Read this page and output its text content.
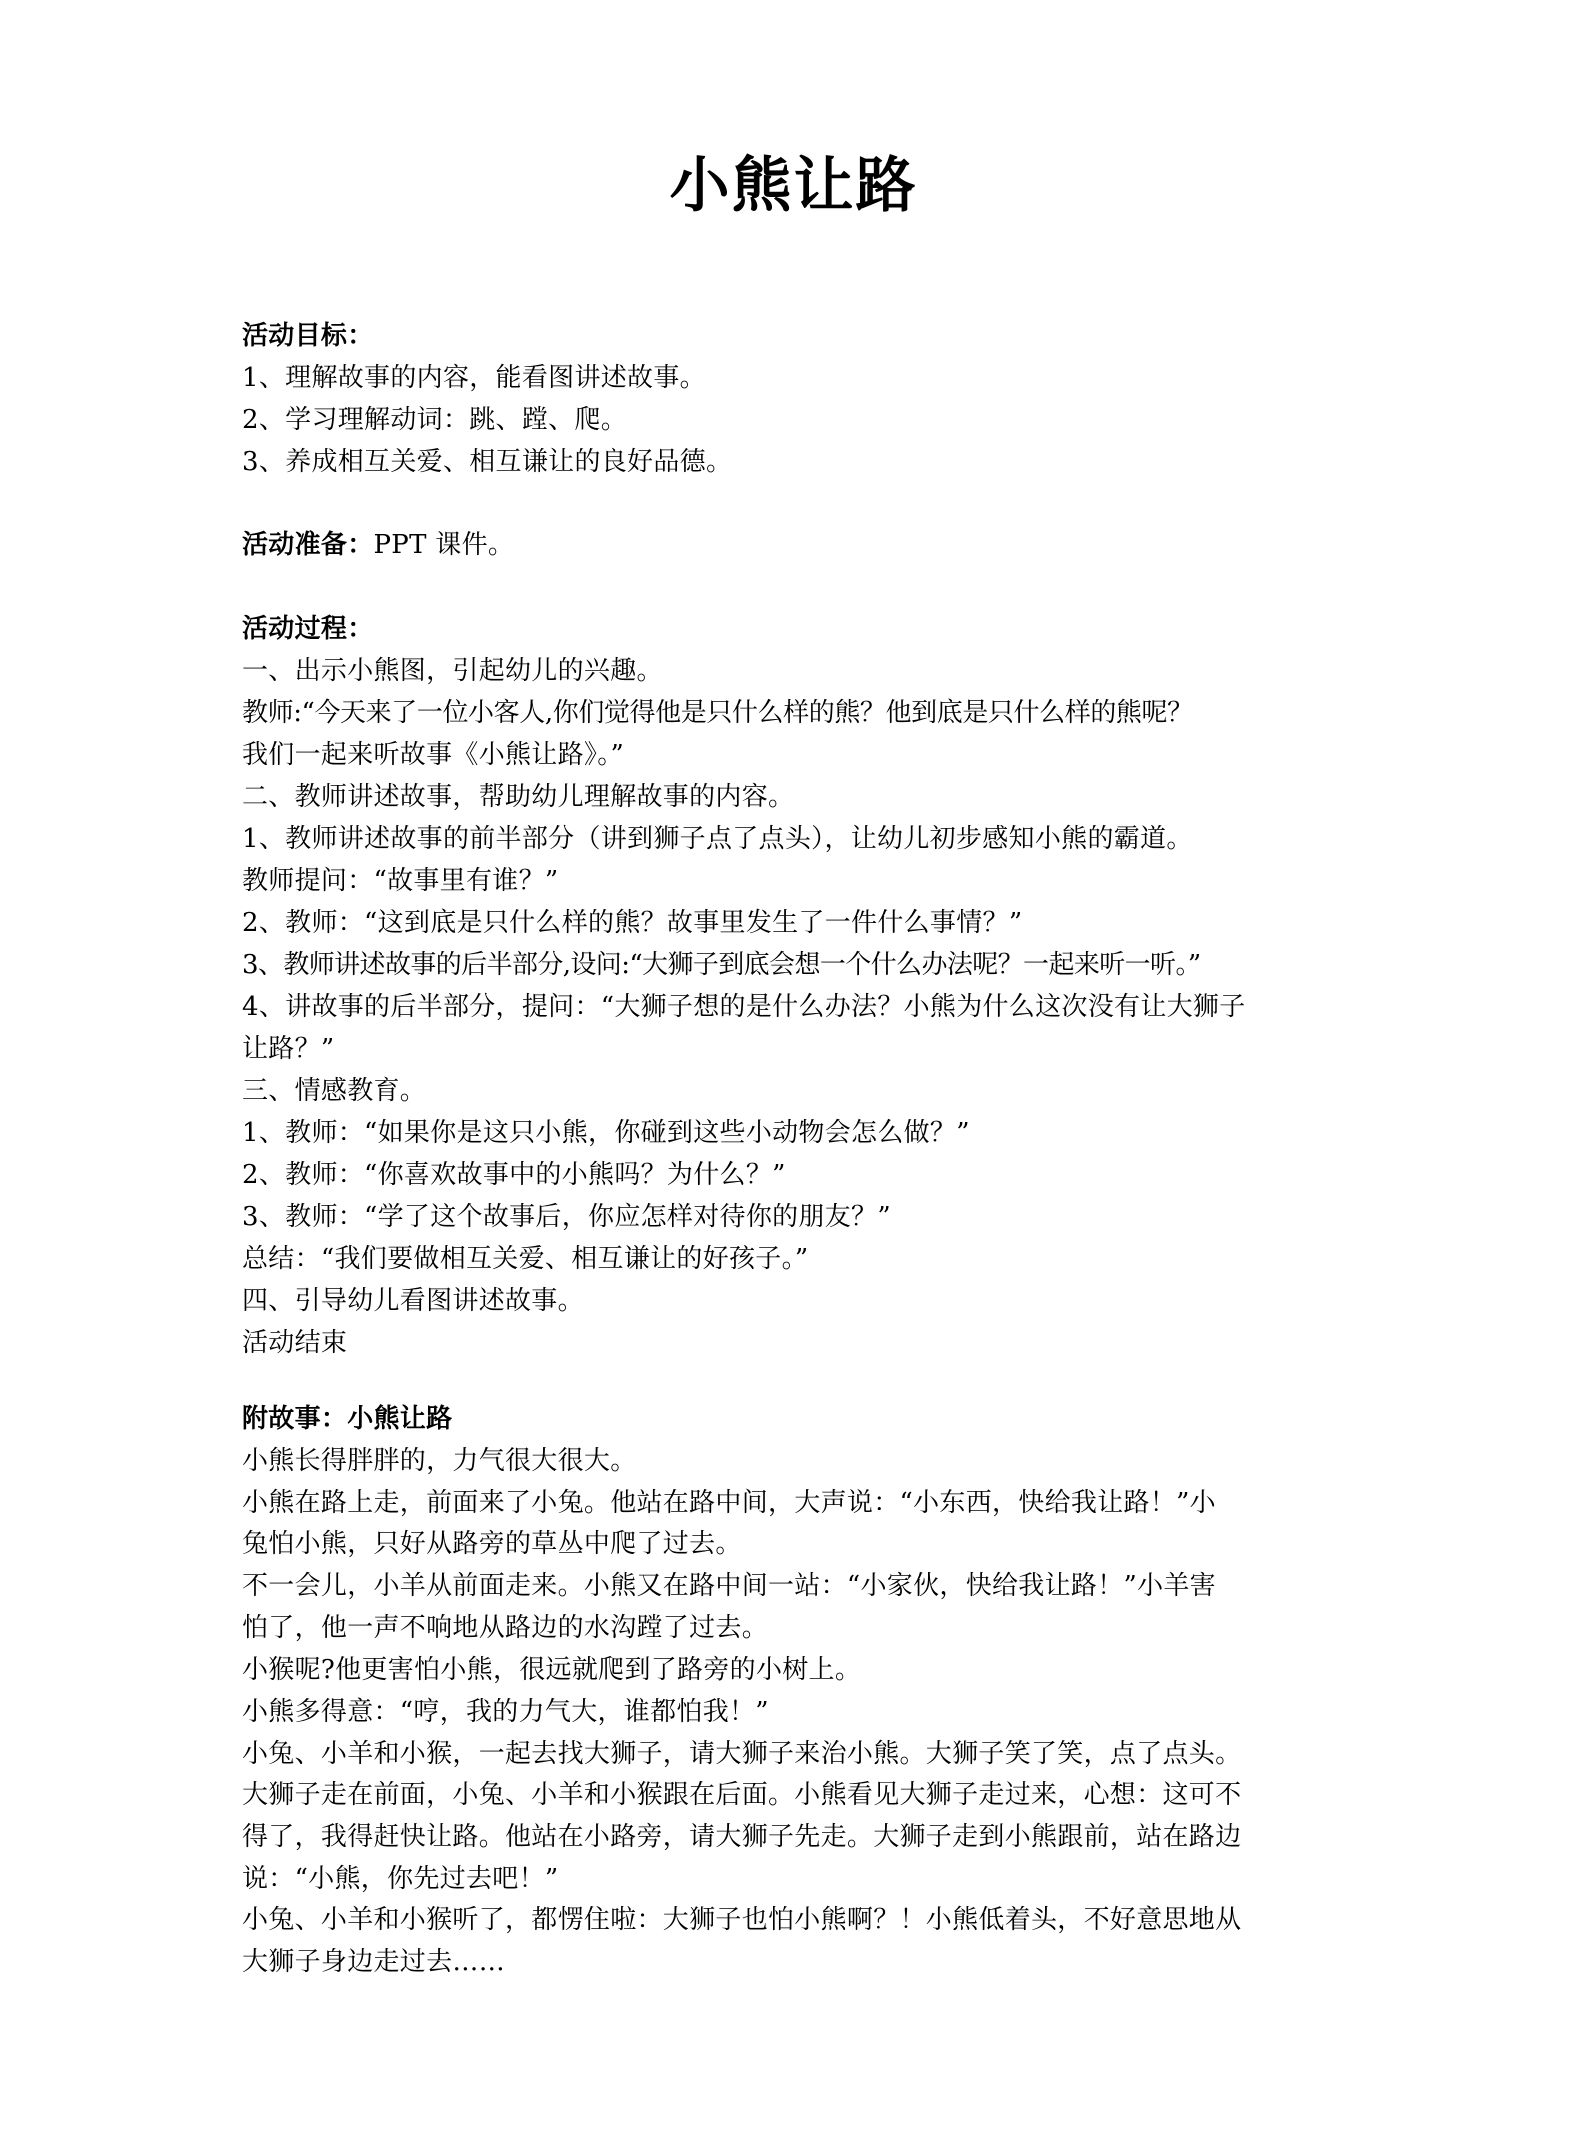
小熊让路
活动目标：
1、理解故事的内容，能看图讲述故事。
2、学习理解动词：跳、蹚、爬。
3、养成相互关爱、相互谦让的良好品德。
活动准备：PPT 课件。
活动过程：
一、出示小熊图，引起幼儿的兴趣。
教师:“今天来了一位小客人,你们觉得他是只什么样的熊？他到底是只什么样的熊呢？
我们一起来听故事《小熊让路》。”
二、教师讲述故事，帮助幼儿理解故事的内容。
1、教师讲述故事的前半部分（讲到狮子点了点头），让幼儿初步感知小熊的霸道。
教师提问：“故事里有谁？”
2、教师：“这到底是只什么样的熊？故事里发生了一件什么事情？”
3、教师讲述故事的后半部分,设问:“大狮子到底会想一个什么办法呢？一起来听一听。”
4、讲故事的后半部分，提问：“大狮子想的是什么办法？小熊为什么这次没有让大狮子
让路？”
三、情感教育。
1、教师：“如果你是这只小熊，你碰到这些小动物会怎么做？”
2、教师：“你喜欢故事中的小熊吗？为什么？”
3、教师：“学了这个故事后，你应怎样对待你的朋友？”
总结：“我们要做相互关爱、相互谦让的好孩子。”
四、引导幼儿看图讲述故事。
活动结束
附故事：小熊让路
小熊长得胖胖的，力气很大很大。
小熊在路上走，前面来了小兔。他站在路中间，大声说：“小东西，快给我让路！”小
兔怕小熊，只好从路旁的草丛中爬了过去。
不一会儿，小羊从前面走来。小熊又在路中间一站：“小家伙，快给我让路！”小羊害
怕了，他一声不响地从路边的水沟蹚了过去。
小猴呢?他更害怕小熊，很远就爬到了路旁的小树上。
小熊多得意：“哼，我的力气大，谁都怕我！”
小兔、小羊和小猴，一起去找大狮子，请大狮子来治小熊。大狮子笑了笑，点了点头。
大狮子走在前面，小兔、小羊和小猴跟在后面。小熊看见大狮子走过来，心想：这可不
得了，我得赶快让路。他站在小路旁，请大狮子先走。大狮子走到小熊跟前，站在路边
说：“小熊，你先过去吧！”
小兔、小羊和小猴听了，都愣住啦：大狮子也怕小熊啊？！小熊低着头，不好意思地从
大狮子身边走过去……
